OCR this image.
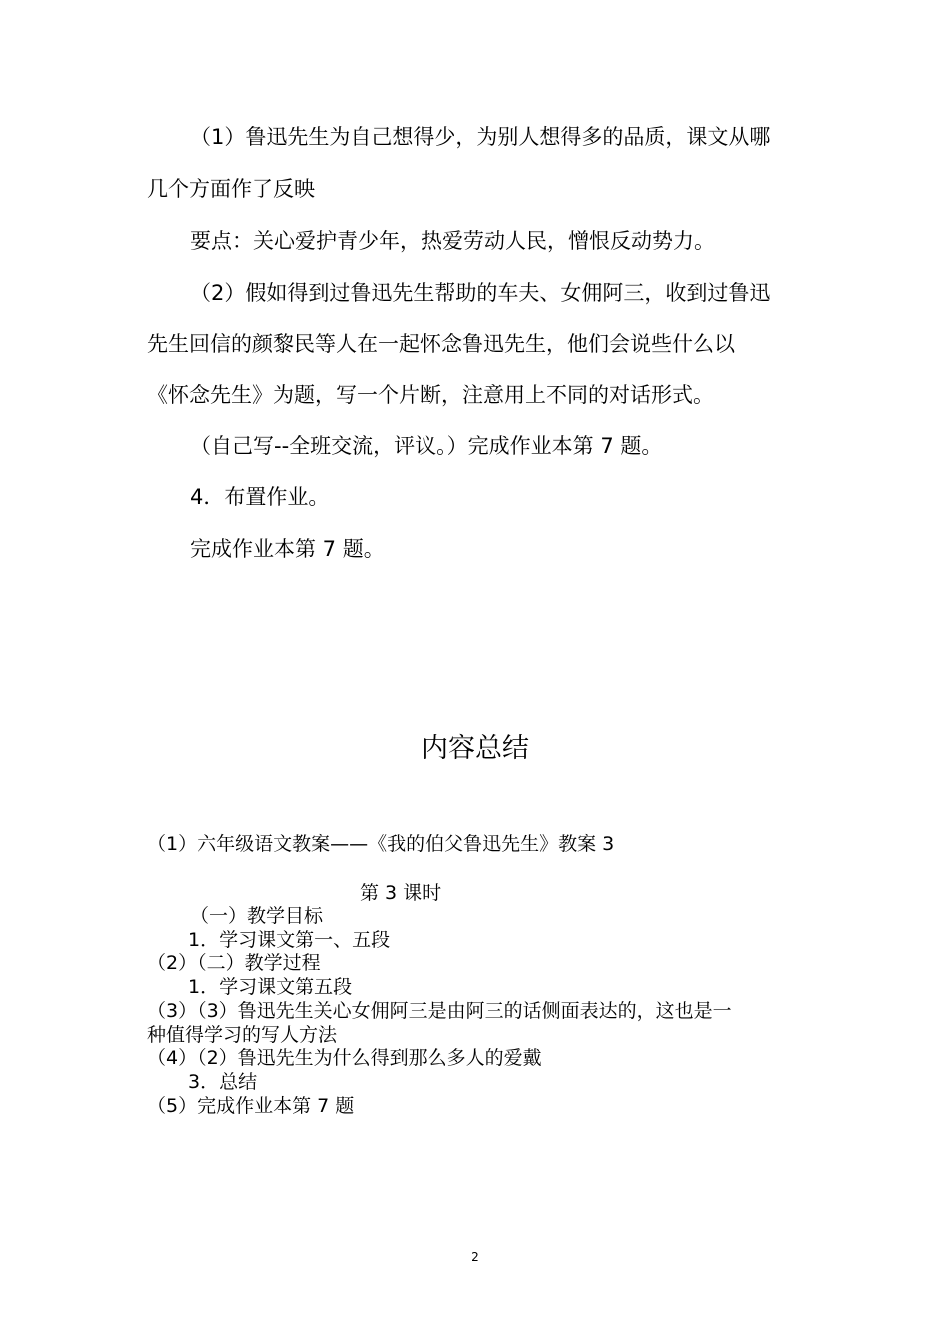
（1）鲁迅先生为自己想得少，为别人想得多的品质，课文从哪
几个方面作了反映
要点：关心爱护青少年，热爱劳动人民，憎恨反动势力。
（2）假如得到过鲁迅先生帮助的车夫、女佣阿三，收到过鲁迅
先生回信的颜黎民等人在一起怀念鲁迅先生，他们会说些什么以
《怀念先生》为题，写一个片断，注意用上不同的对话形式。
（自己写--全班交流，评议。）完成作业本第 7 题。
4．布置作业。
完成作业本第 7 题。
内容总结
（1）六年级语文教案——《我的伯父鲁迅先生》教案 3
第 3 课时
（一）教学目标
1．学习课文第一、五段
（2）（二）教学过程
1．学习课文第五段
（3）（3）鲁迅先生关心女佣阿三是由阿三的话侧面表达的，这也是一
种值得学习的写人方法
（4）（2）鲁迅先生为什么得到那么多人的爱戴
3．总结
（5）完成作业本第 7 题
2
